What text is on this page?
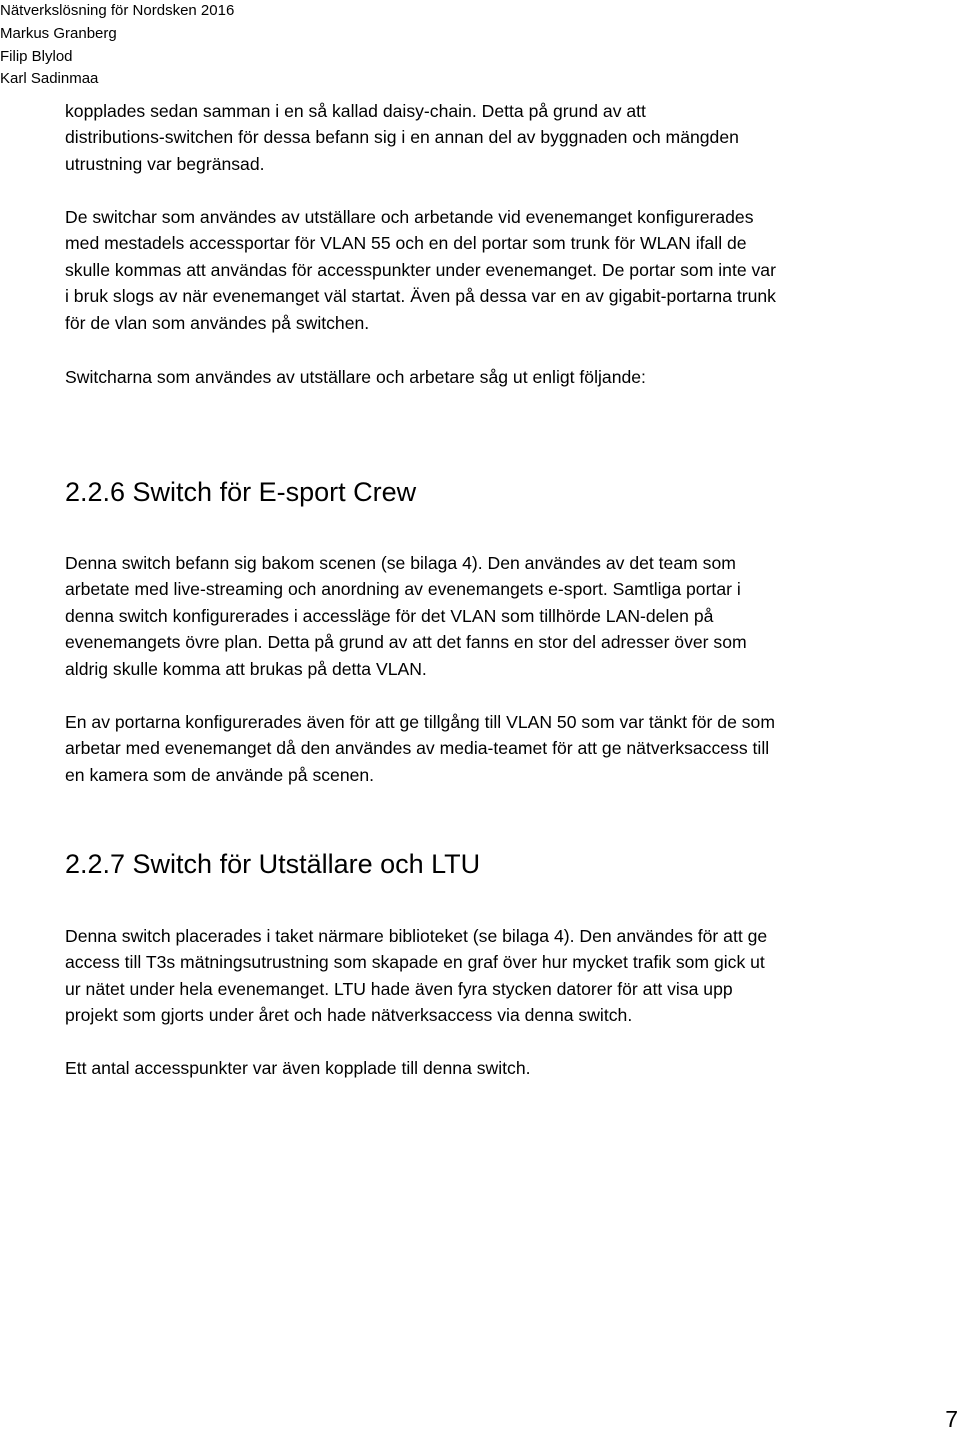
Nätverkslösning för Nordsken 2016
Markus Granberg
Filip Blylod
Karl Sadinmaa

kopplades sedan samman i en så kallad daisy-chain. Detta på grund av att
distributions-switchen för dessa befann sig i en annan del av byggnaden och mängden
utrustning var begränsad.

De switchar som användes av utställare och arbetande vid evenemanget konfigurerades
med mestadels accessportar för VLAN 55 och en del portar som trunk för WLAN ifall de
skulle kommas att användas för accesspunkter under evenemanget. De portar som inte var
i bruk slogs av när evenemanget väl startat. Även på dessa var en av gigabit-portarna trunk
för de vlan som användes på switchen.

Switcharna som användes av utställare och arbetare såg ut enligt följande:

2.2.6 Switch för E-sport Crew

Denna switch befann sig bakom scenen (se bilaga 4). Den användes av det team som
arbetate med live-streaming och anordning av evenemangets e-sport. Samtliga portar i
denna switch konfigurerades i accessläge för det VLAN som tillhörde LAN-delen på
evenemangets övre plan. Detta på grund av att det fanns en stor del adresser över som
aldrig skulle komma att brukas på detta VLAN.

En av portarna konfigurerades även för att ge tillgång till VLAN 50 som var tänkt för de som
arbetar med evenemanget då den användes av media-teamet för att ge nätverksaccess till
en kamera som de använde på scenen.

2.2.7 Switch för Utställare och LTU

Denna switch placerades i taket närmare biblioteket (se bilaga 4). Den användes för att ge
access till T3s mätningsutrustning som skapade en graf över hur mycket trafik som gick ut
ur nätet under hela evenemanget. LTU hade även fyra stycken datorer för att visa upp
projekt som gjorts under året och hade nätverksaccess via denna switch.

Ett antal accesspunkter var även kopplade till denna switch.

7
